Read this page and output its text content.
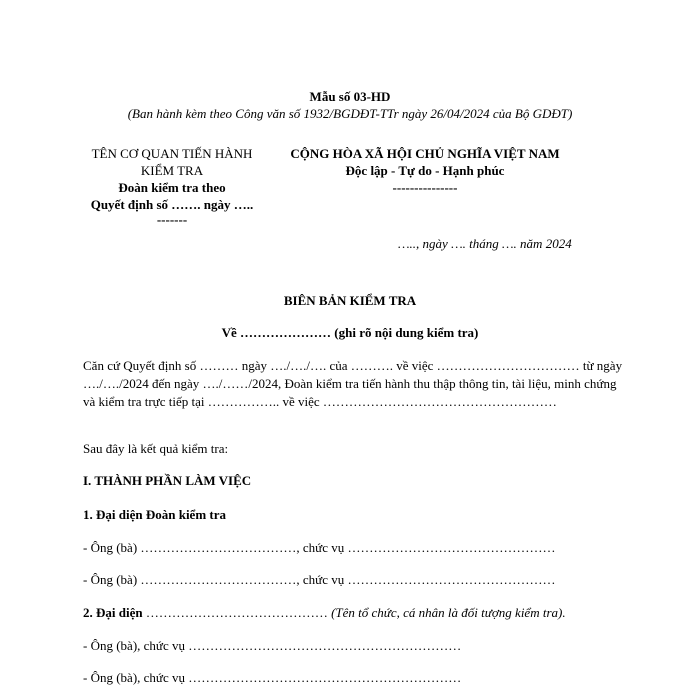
Mẫu số 03-HD
(Ban hành kèm theo Công văn số 1932/BGDĐT-TTr ngày 26/04/2024 của Bộ GDĐT)
TÊN CƠ QUAN TIẾN HÀNH
KIỂM TRA
Đoàn kiểm tra theo
Quyết định số ……. ngày …..
-------
CỘNG HÒA XÃ HỘI CHỦ NGHĨA VIỆT NAM
Độc lập - Tự do - Hạnh phúc
---------------
….., ngày …. tháng …. năm 2024
BIÊN BẢN KIỂM TRA
Về ………………… (ghi rõ nội dung kiểm tra)
Căn cứ Quyết định số ……… ngày …./…./…. của ………. về việc …………………………… từ ngày …./…./2024 đến ngày …./……/2024, Đoàn kiểm tra tiến hành thu thập thông tin, tài liệu, minh chứng và kiểm tra trực tiếp tại …………….. về việc ………………………………………………
Sau đây là kết quả kiểm tra:
I. THÀNH PHẦN LÀM VIỆC
1. Đại diện Đoàn kiểm tra
- Ông (bà) ………………………………, chức vụ …………………………………………
- Ông (bà) ………………………………, chức vụ …………………………………………
2. Đại diện …………………………………… (Tên tổ chức, cá nhân là đối tượng kiểm tra).
- Ông (bà), chức vụ ………………………………………………………
- Ông (bà), chức vụ ………………………………………………………
